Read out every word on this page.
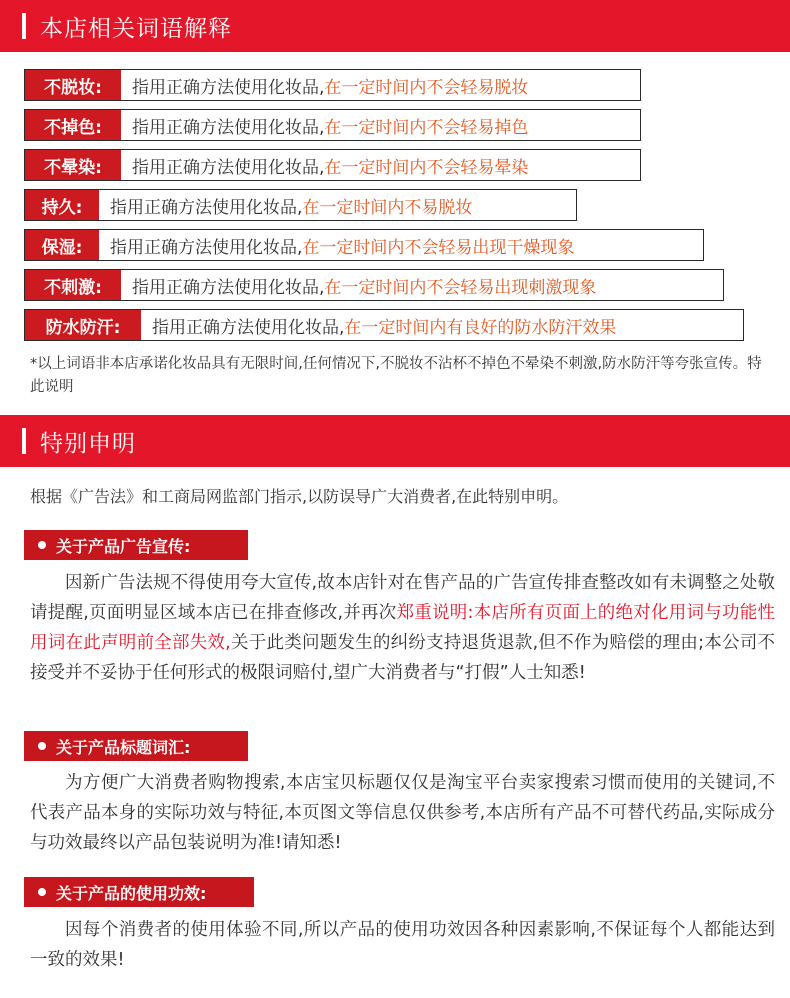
本店相关词语解释
不脱妆:	指用正确方法使用化妆品,在一定时间内不会轻易脱妆
不掉色:	指用正确方法使用化妆品,在一定时间内不会轻易掉色
不晕染:	指用正确方法使用化妆品,在一定时间内不会轻易晕染
持久:	指用正确方法使用化妆品,在一定时间内不易脱妆
保湿:	指用正确方法使用化妆品,在一定时间内不会轻易出现干燥现象
不刺激:	指用正确方法使用化妆品,在一定时间内不会轻易出现刺激现象
防水防汗:	指用正确方法使用化妆品,在一定时间内有良好的防水防汗效果
*以上词语非本店承诺化妆品具有无限时间,任何情况下,不脱妆不沾杯不掉色不晕染不刺激,防水防汗等夸张宣传。特此说明
特别申明
根据《广告法》和工商局网监部门指示,以防误导广大消费者,在此特别申明。
关于产品广告宣传:
因新广告法规不得使用夸大宣传,故本店针对在售产品的广告宣传排查整改如有未调整之处敬请提醒,页面明显区域本店已在排查修改,并再次郑重说明:本店所有页面上的绝对化用词与功能性用词在此声明前全部失效,关于此类问题发生的纠纷支持退货退款,但不作为赔偿的理由;本公司不接受并不妥协于任何形式的极限词赔付,望广大消费者与“打假”人士知悉!
关于产品标题词汇:
为方便广大消费者购物搜索,本店宝贝标题仅仅是淘宝平台卖家搜索习惯而使用的关键词,不代表产品本身的实际功效与特征,本页图文等信息仅供参考,本店所有产品不可替代药品,实际成分与功效最终以产品包装说明为准!请知悉!
关于产品的使用功效:
因每个消费者的使用体验不同,所以产品的使用功效因各种因素影响,不保证每个人都能达到一致的效果!
